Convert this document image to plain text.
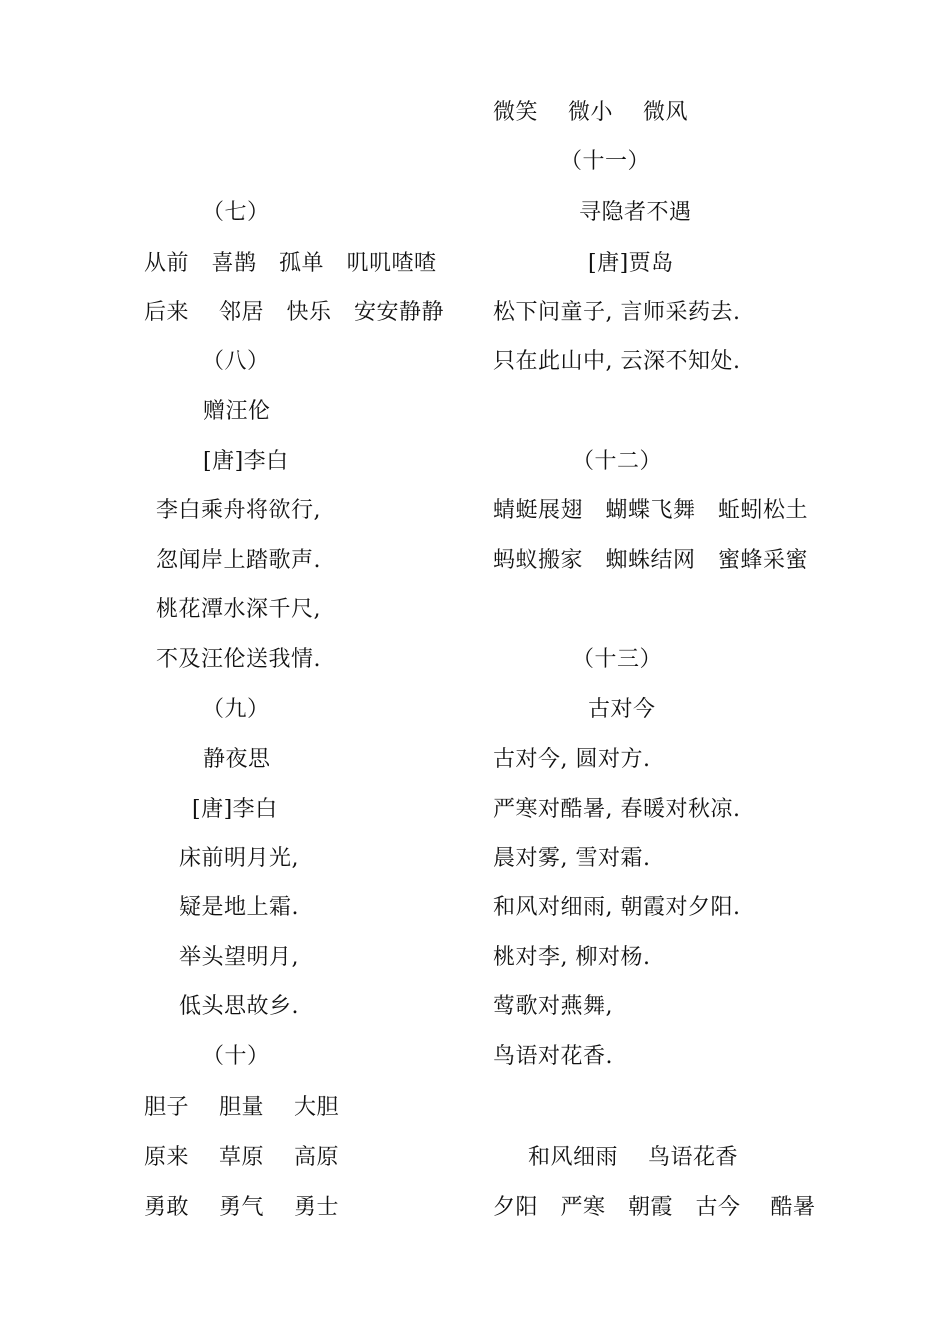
（七）
从前　喜鹊　孤单　叽叽喳喳
后来　 邻居　快乐　安安静静
（八）
赠汪伦
[唐]李白
李白乘舟将欲行,
忽闻岸上踏歌声.
桃花潭水深千尺,
不及汪伦送我情.
（九）
静夜思
[唐]李白
床前明月光,
疑是地上霜.
举头望明月,
低头思故乡.
（十）
胆子　 胆量　 大胆
原来　 草原　 高原
勇敢　 勇气　 勇士
微笑　 微小　 微风
（十一）
寻隐者不遇
[唐]贾岛
松下问童子, 言师采药去.
只在此山中, 云深不知处.
（十二）
蜻蜓展翅　蝴蝶飞舞　蚯蚓松土
蚂蚁搬家　蜘蛛结网　蜜蜂采蜜
（十三）
古对今
古对今, 圆对方.
严寒对酷暑, 春暖对秋凉.
晨对雾, 雪对霜.
和风对细雨, 朝霞对夕阳.
桃对李, 柳对杨.
莺歌对燕舞,
鸟语对花香.
和风细雨　 鸟语花香
夕阳　严寒　朝霞　古今　 酷暑
